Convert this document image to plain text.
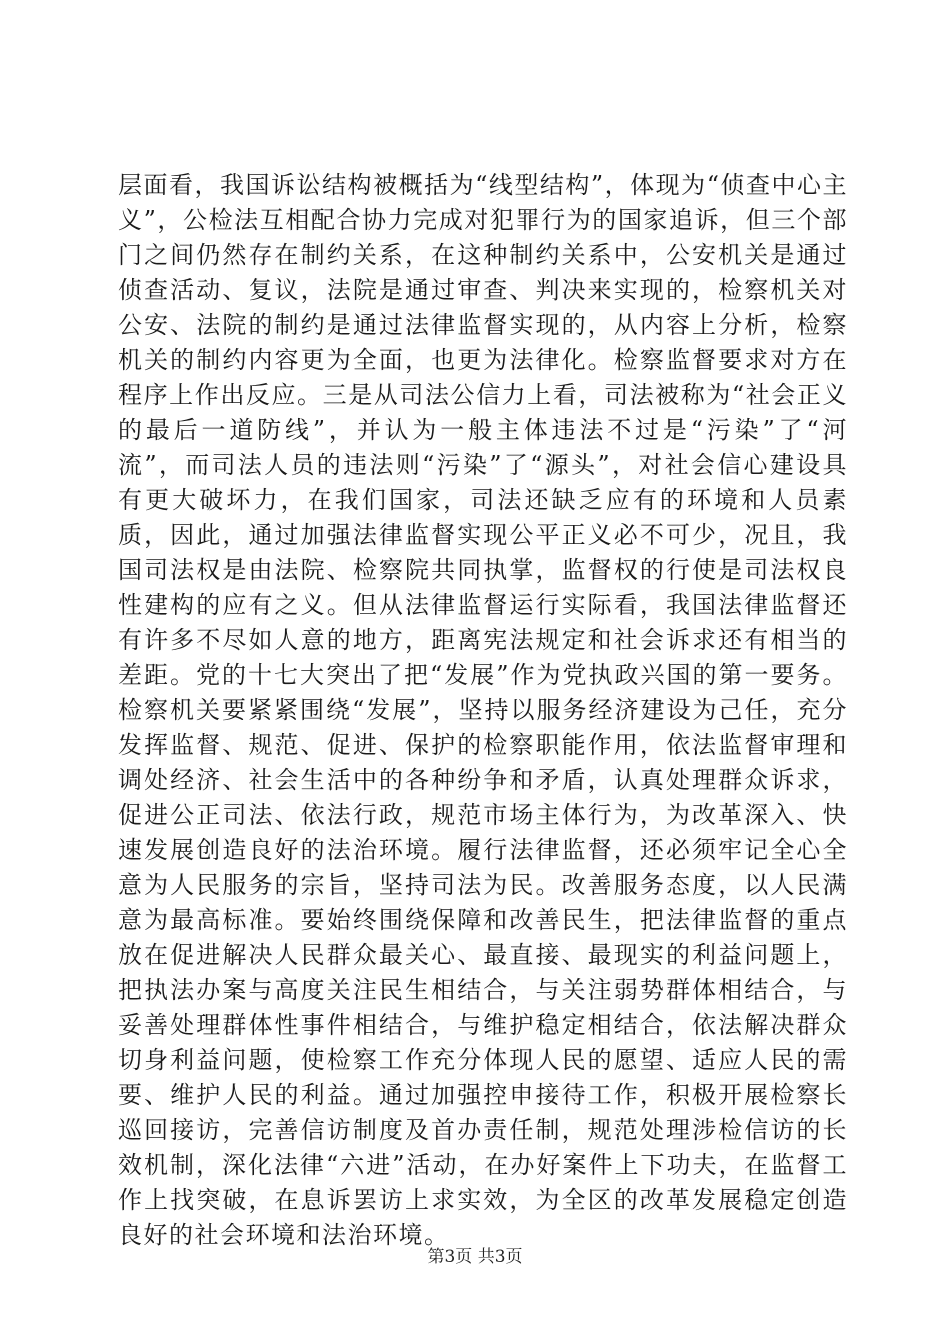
层面看，我国诉讼结构被概括为“线型结构”，体现为“侦查中心主义”，公检法互相配合协力完成对犯罪行为的国家追诉，但三个部门之间仍然存在制约关系，在这种制约关系中，公安机关是通过侦查活动、复议，法院是通过审查、判决来实现的，检察机关对公安、法院的制约是通过法律监督实现的，从内容上分析，检察机关的制约内容更为全面，也更为法律化。检察监督要求对方在程序上作出反应。三是从司法公信力上看，司法被称为“社会正义的最后一道防线”，并认为一般主体违法不过是“污染”了“河流”，而司法人员的违法则“污染”了“源头”，对社会信心建设具有更大破坏力，在我们国家，司法还缺乏应有的环境和人员素质，因此，通过加强法律监督实现公平正义必不可少，况且，我国司法权是由法院、检察院共同执掌，监督权的行使是司法权良性建构的应有之义。但从法律监督运行实际看，我国法律监督还有许多不尽如人意的地方，距离宪法规定和社会诉求还有相当的差距。党的十七大突出了把“发展”作为党执政兴国的第一要务。检察机关要紧紧围绕“发展”，坚持以服务经济建设为己任，充分发挥监督、规范、促进、保护的检察职能作用，依法监督审理和调处经济、社会生活中的各种纷争和矛盾，认真处理群众诉求，促进公正司法、依法行政，规范市场主体行为，为改革深入、快速发展创造良好的法治环境。履行法律监督，还必须牢记全心全意为人民服务的宗旨，坚持司法为民。改善服务态度，以人民满意为最高标准。要始终围绕保障和改善民生，把法律监督的重点放在促进解决人民群众最关心、最直接、最现实的利益问题上，把执法办案与高度关注民生相结合，与关注弱势群体相结合，与妥善处理群体性事件相结合，与维护稳定相结合，依法解决群众切身利益问题，使检察工作充分体现人民的愿望、适应人民的需要、维护人民的利益。通过加强控申接待工作，积极开展检察长巡回接访，完善信访制度及首办责任制，规范处理涉检信访的长效机制，深化法律“六进”活动，在办好案件上下功夫，在监督工作上找突破，在息诉罢访上求实效，为全区的改革发展稳定创造良好的社会环境和法治环境。

第3页 共3页
